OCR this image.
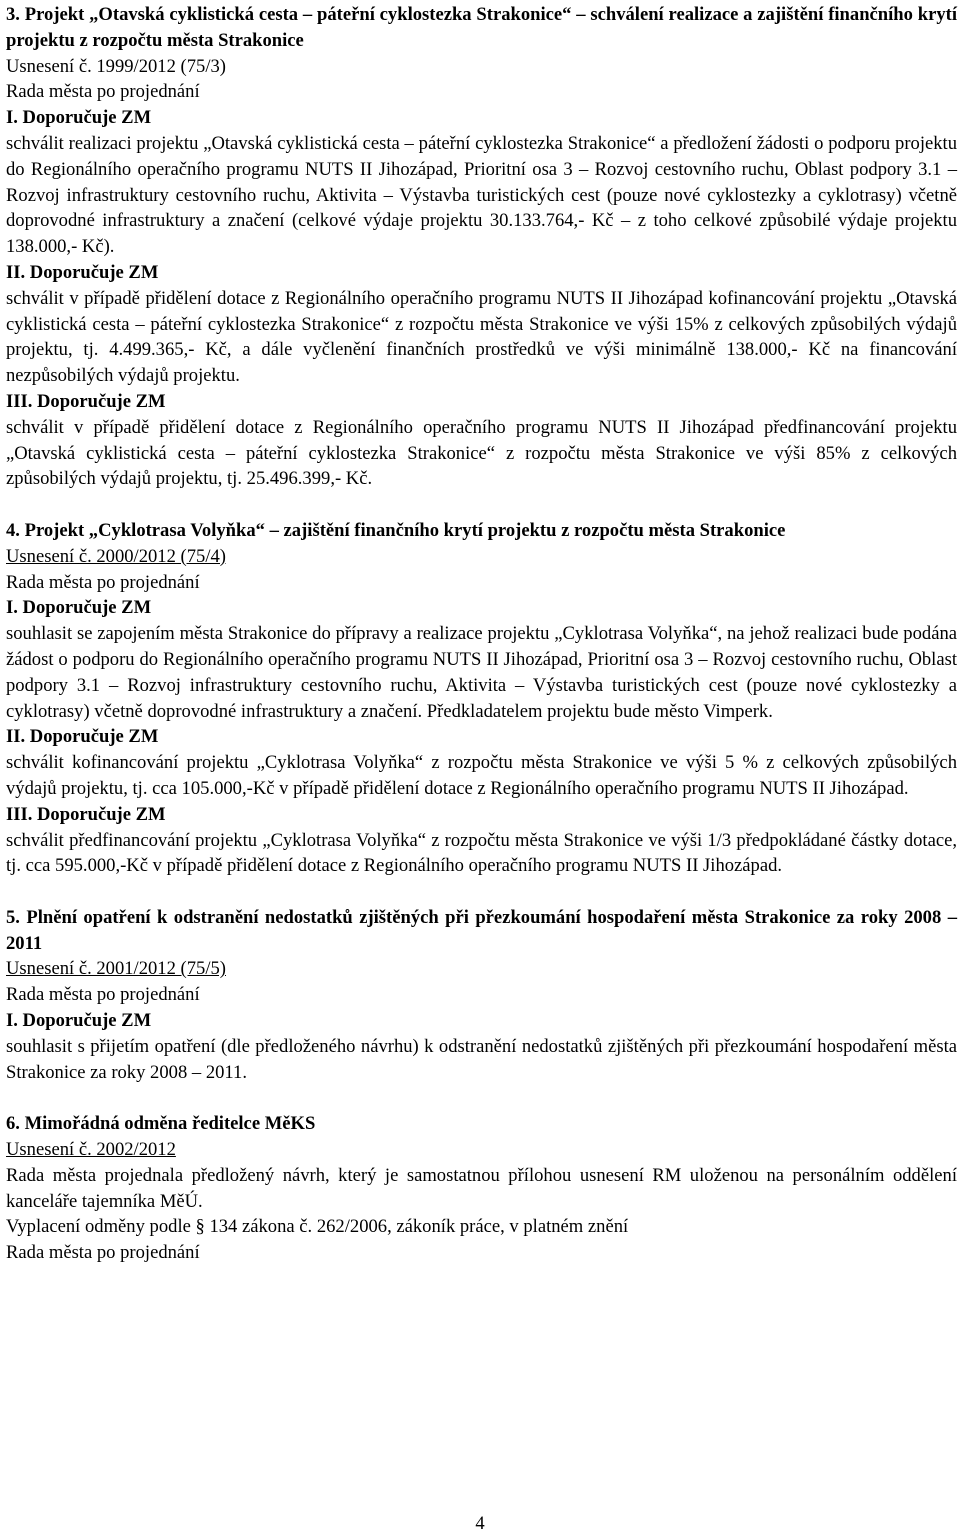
3. Projekt „Otavská cyklistická cesta – páteřní cyklostezka Strakonice“ – schválení realizace a zajištění finančního krytí projektu z rozpočtu města Strakonice
Usnesení č. 1999/2012 (75/3)
Rada města po projednání
I. Doporučuje ZM
schválit realizaci projektu „Otavská cyklistická cesta – páteřní cyklostezka Strakonice“ a předložení žádosti o podporu projektu do Regionálního operačního programu NUTS II Jihozápad, Prioritní osa 3 – Rozvoj cestovního ruchu, Oblast podpory 3.1 – Rozvoj infrastruktury cestovního ruchu, Aktivita – Výstavba turistických cest (pouze nové cyklostezky a cyklotrasy) včetně doprovodné infrastruktury a značení (celkové výdaje projektu 30.133.764,- Kč – z toho celkové způsobilé výdaje projektu 138.000,- Kč).
II. Doporučuje ZM
schválit v případě přidělení dotace z Regionálního operačního programu NUTS II Jihozápad kofinancování projektu „Otavská cyklistická cesta – páteřní cyklostezka Strakonice“ z rozpočtu města Strakonice ve výši 15% z celkových způsobilých výdajů projektu, tj. 4.499.365,- Kč, a dále vyčlenění finančních prostředků ve výši minimálně 138.000,- Kč na financování nezpůsobilých výdajů projektu.
III. Doporučuje ZM
schválit v případě přidělení dotace z Regionálního operačního programu NUTS II Jihozápad předfinancování projektu „Otavská cyklistická cesta – páteřní cyklostezka Strakonice“ z rozpočtu města Strakonice ve výši 85% z celkových způsobilých výdajů projektu, tj. 25.496.399,- Kč.
4. Projekt „Cyklotrasa Volyňka“ – zajištění finančního krytí projektu z rozpočtu města Strakonice
Usnesení č. 2000/2012 (75/4)
Rada města po projednání
I. Doporučuje ZM
souhlasit se zapojením města Strakonice do přípravy a realizace projektu „Cyklotrasa Volyňka“, na jehož realizaci bude podána žádost o podporu do Regionálního operačního programu NUTS II Jihozápad, Prioritní osa 3 – Rozvoj cestovního ruchu, Oblast podpory 3.1 – Rozvoj infrastruktury cestovního ruchu, Aktivita – Výstavba turistických cest (pouze nové cyklostezky a cyklotrasy) včetně doprovodné infrastruktury a značení. Předkladatelem projektu bude město Vimperk.
II. Doporučuje ZM
schválit kofinancování projektu „Cyklotrasa Volyňka“ z rozpočtu města Strakonice ve výši 5 % z celkových způsobilých výdajů projektu, tj. cca 105.000,-Kč v případě přidělení dotace z Regionálního operačního programu NUTS II Jihozápad.
III. Doporučuje ZM
schválit předfinancování projektu „Cyklotrasa Volyňka“ z rozpočtu města Strakonice ve výši 1/3 předpokládané částky dotace, tj. cca 595.000,-Kč v případě přidělení dotace z Regionálního operačního programu NUTS II Jihozápad.
5. Plnění opatření k odstranění nedostatků zjištěných při přezkoumání hospodaření města Strakonice za roky 2008 – 2011
Usnesení č. 2001/2012 (75/5)
Rada města po projednání
I. Doporučuje ZM
souhlasit s přijetím opatření (dle předloženého návrhu) k odstranění nedostatků zjištěných při přezkoumání hospodaření města Strakonice za roky 2008 – 2011.
6. Mimořádná odměna ředitelce MěKS
Usnesení č. 2002/2012
Rada města projednala předložený návrh, který je samostatnou přílohou usnesení RM uloženou na personálním oddělení kanceláře tajemníka MěÚ.
Vyplacení odměny podle § 134 zákona č. 262/2006, zákoník práce, v platném znění
Rada města po projednání
4
